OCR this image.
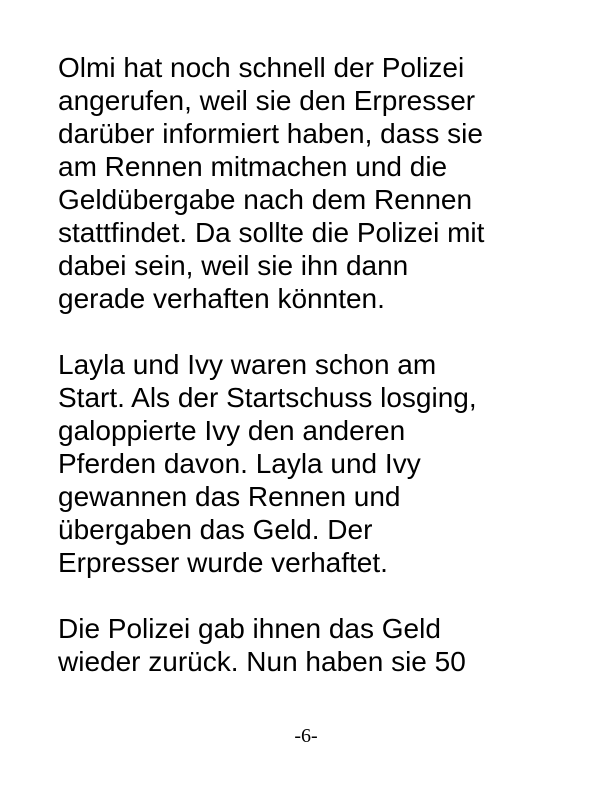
Olmi hat noch schnell der Polizei
angerufen, weil sie den Erpresser
darüber informiert haben, dass sie
am Rennen mitmachen und die
Geldübergabe nach dem Rennen
stattfindet. Da sollte die Polizei mit
dabei sein, weil sie ihn dann
gerade verhaften könnten.

Layla und Ivy waren schon am
Start. Als der Startschuss losging,
galoppierte Ivy den anderen
Pferden davon. Layla und Ivy
gewannen das Rennen und
übergaben das Geld. Der
Erpresser wurde verhaftet.

Die Polizei gab ihnen das Geld
wieder zurück. Nun haben sie 50

-6-
